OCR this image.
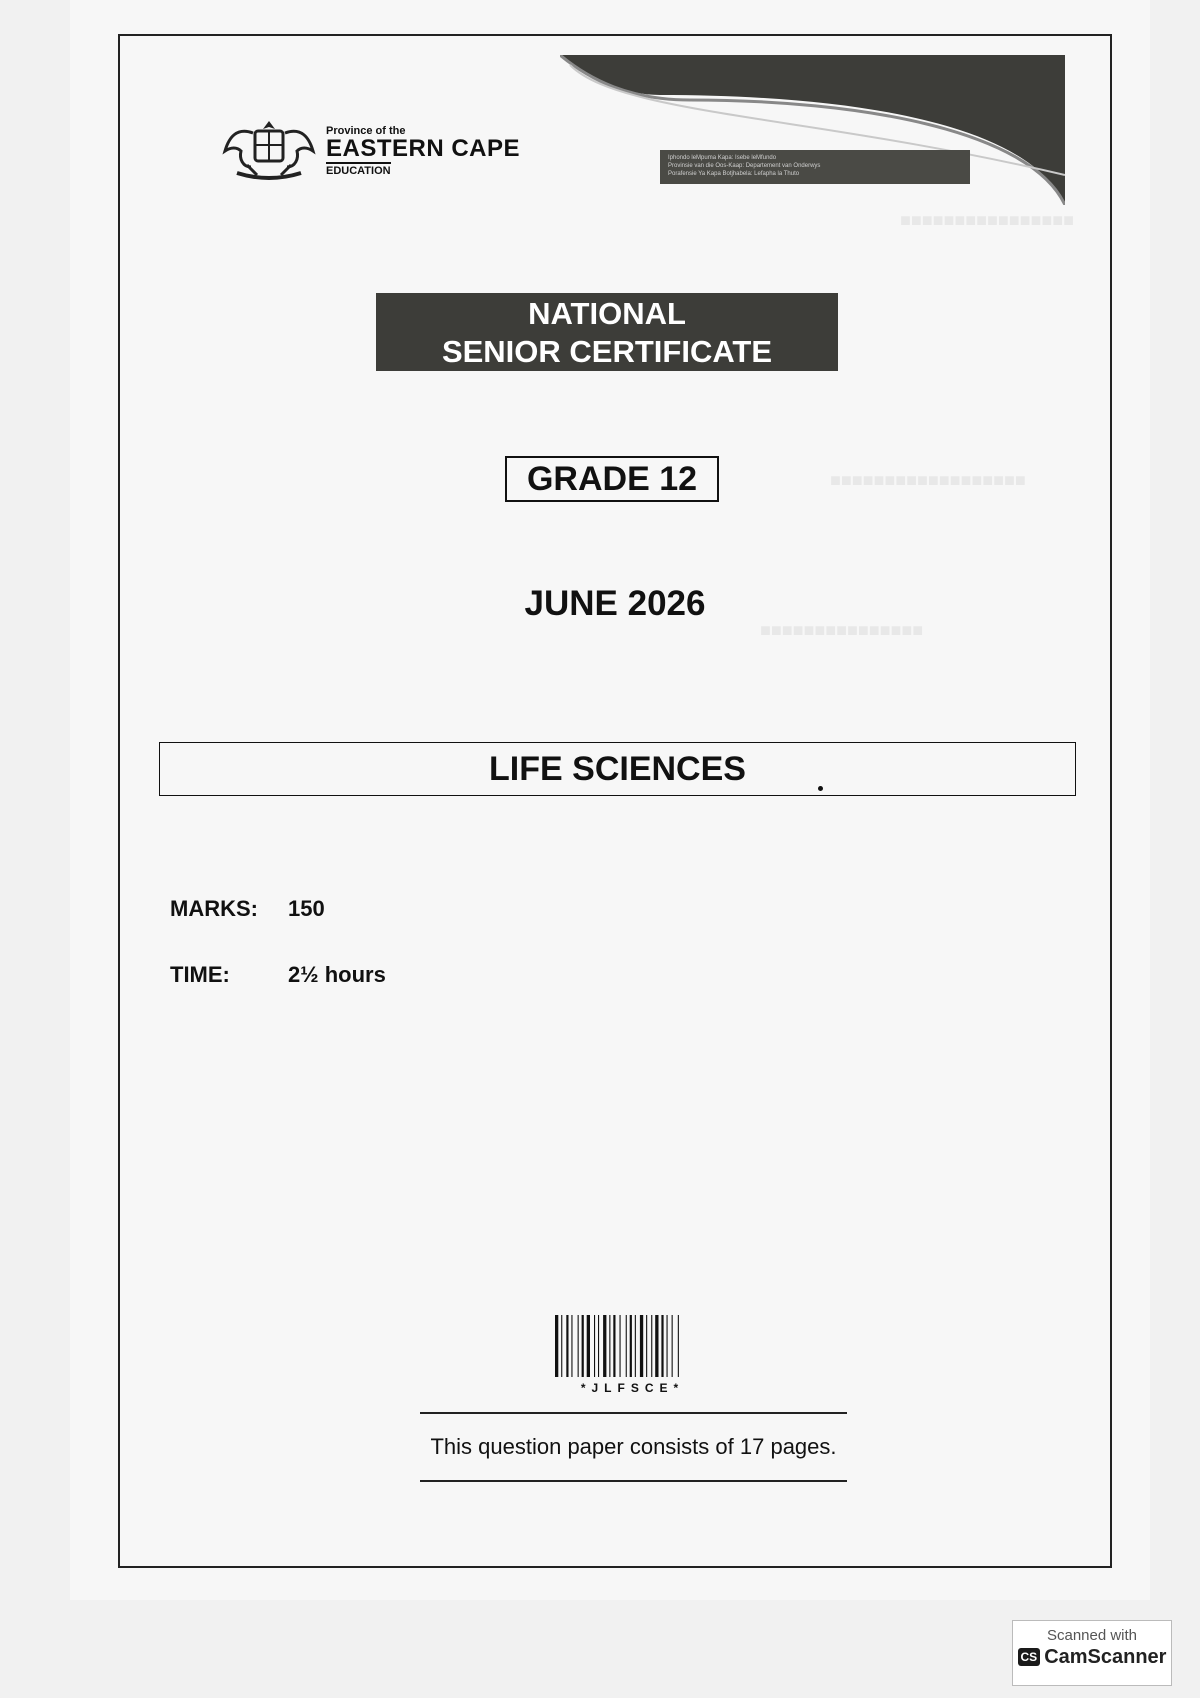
■■■■■■■■■■■■■■■■
■■■■■■■■■■■■■■■■■■
■■■■■■■■■■■■■■■
Iphondo leMpuma Kapa: Isebe leMfundo
Provinsie van die Oos-Kaap: Departement van Onderwys
Porafensie Ya Kapa Botjhabela: Lefapha la Thuto
Province of the
EASTERN CAPE
EDUCATION
NATIONAL
SENIOR CERTIFICATE
GRADE 12
JUNE 2026
LIFE SCIENCES
MARKS: 150
TIME:	2½ hours
*JLFSCE*
This question paper consists of 17 pages.
Scanned with
CS CamScanner
